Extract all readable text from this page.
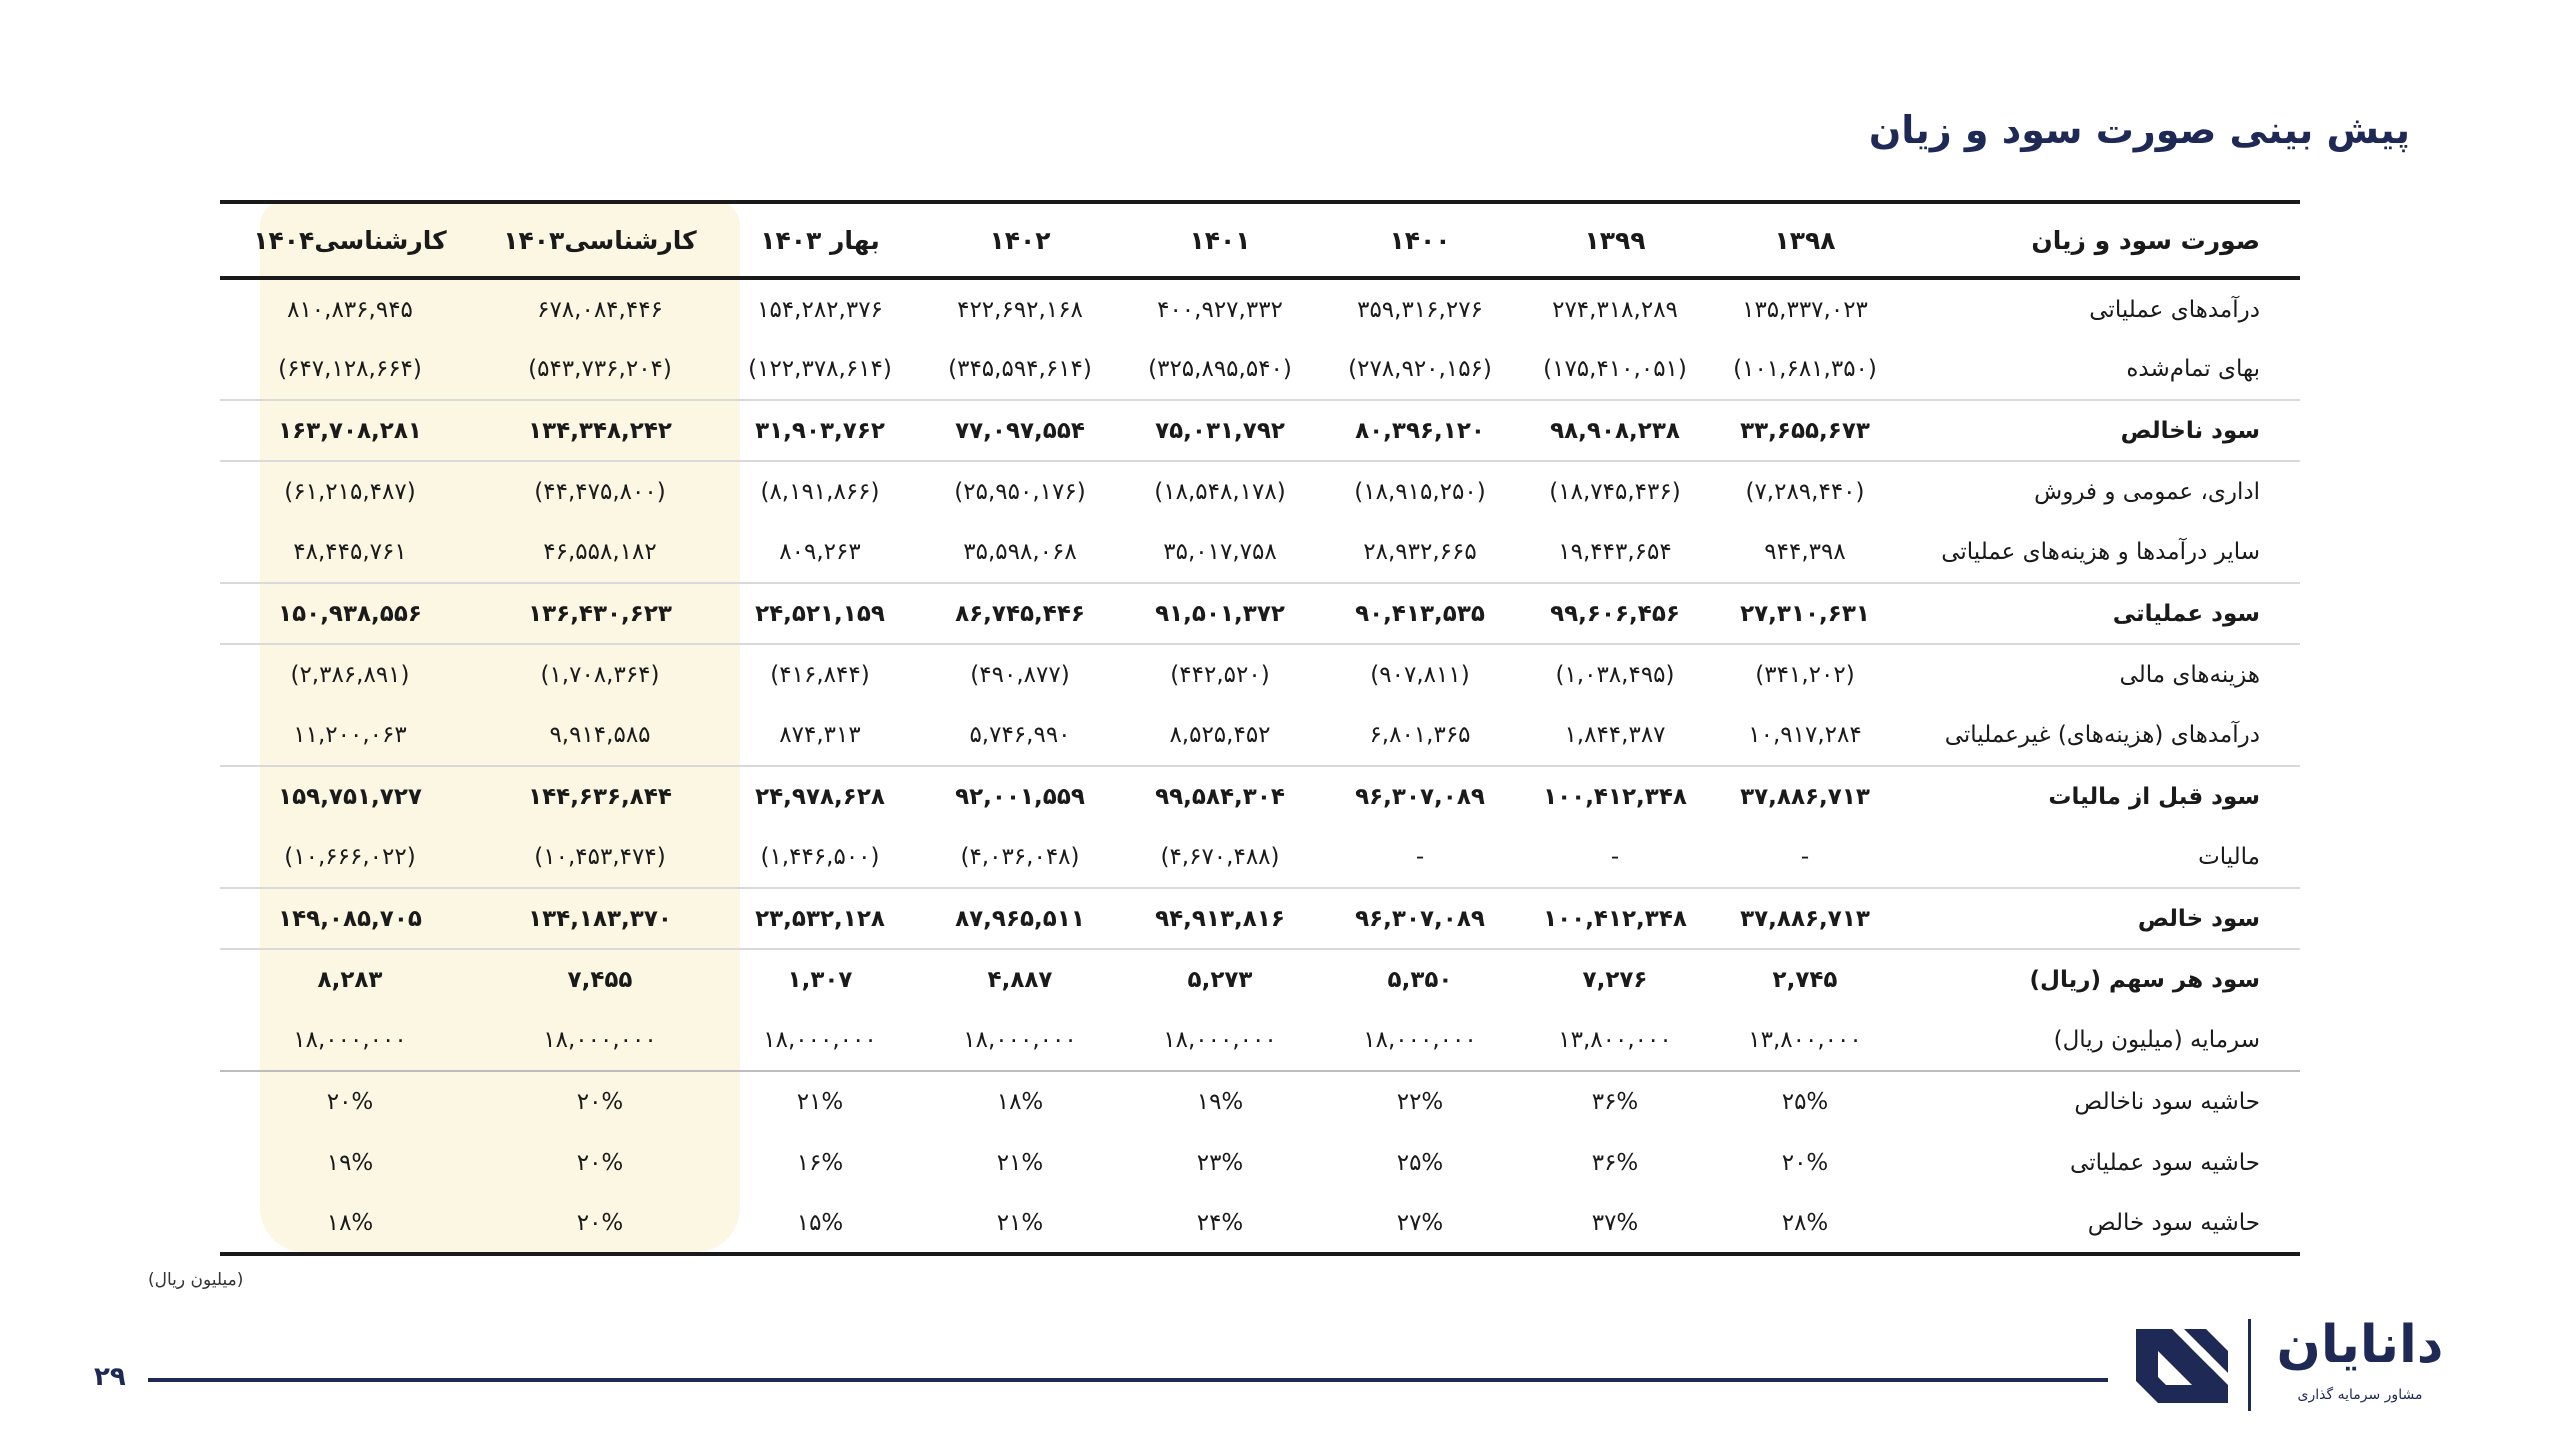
پیش بینی صورت سود و زیان
صورت سود و زیان	۱۳۹۸	۱۳۹۹	۱۴۰۰	۱۴۰۱	۱۴۰۲	بهار ۱۴۰۳	کارشناسی۱۴۰۳	کارشناسی۱۴۰۴
درآمدهای عملیاتی	۱۳۵,۳۳۷,۰۲۳	۲۷۴,۳۱۸,۲۸۹	۳۵۹,۳۱۶,۲۷۶	۴۰۰,۹۲۷,۳۳۲	۴۲۲,۶۹۲,۱۶۸	۱۵۴,۲۸۲,۳۷۶	۶۷۸,۰۸۴,۴۴۶	۸۱۰,۸۳۶,۹۴۵
بهای تمام‌شده	(۱۰۱,۶۸۱,۳۵۰)	(۱۷۵,۴۱۰,۰۵۱)	(۲۷۸,۹۲۰,۱۵۶)	(۳۲۵,۸۹۵,۵۴۰)	(۳۴۵,۵۹۴,۶۱۴)	(۱۲۲,۳۷۸,۶۱۴)	(۵۴۳,۷۳۶,۲۰۴)	(۶۴۷,۱۲۸,۶۶۴)
سود ناخالص	۳۳,۶۵۵,۶۷۳	۹۸,۹۰۸,۲۳۸	۸۰,۳۹۶,۱۲۰	۷۵,۰۳۱,۷۹۲	۷۷,۰۹۷,۵۵۴	۳۱,۹۰۳,۷۶۲	۱۳۴,۳۴۸,۲۴۲	۱۶۳,۷۰۸,۲۸۱
اداری، عمومی و فروش	(۷,۲۸۹,۴۴۰)	(۱۸,۷۴۵,۴۳۶)	(۱۸,۹۱۵,۲۵۰)	(۱۸,۵۴۸,۱۷۸)	(۲۵,۹۵۰,۱۷۶)	(۸,۱۹۱,۸۶۶)	(۴۴,۴۷۵,۸۰۰)	(۶۱,۲۱۵,۴۸۷)
سایر درآمدها و هزینه‌های عملیاتی	۹۴۴,۳۹۸	۱۹,۴۴۳,۶۵۴	۲۸,۹۳۲,۶۶۵	۳۵,۰۱۷,۷۵۸	۳۵,۵۹۸,۰۶۸	۸۰۹,۲۶۳	۴۶,۵۵۸,۱۸۲	۴۸,۴۴۵,۷۶۱
سود عملیاتی	۲۷,۳۱۰,۶۳۱	۹۹,۶۰۶,۴۵۶	۹۰,۴۱۳,۵۳۵	۹۱,۵۰۱,۳۷۲	۸۶,۷۴۵,۴۴۶	۲۴,۵۲۱,۱۵۹	۱۳۶,۴۳۰,۶۲۳	۱۵۰,۹۳۸,۵۵۶
هزینه‌های مالی	(۳۴۱,۲۰۲)	(۱,۰۳۸,۴۹۵)	(۹۰۷,۸۱۱)	(۴۴۲,۵۲۰)	(۴۹۰,۸۷۷)	(۴۱۶,۸۴۴)	(۱,۷۰۸,۳۶۴)	(۲,۳۸۶,۸۹۱)
درآمدهای (هزینه‌های) غیرعملیاتی	۱۰,۹۱۷,۲۸۴	۱,۸۴۴,۳۸۷	۶,۸۰۱,۳۶۵	۸,۵۲۵,۴۵۲	۵,۷۴۶,۹۹۰	۸۷۴,۳۱۳	۹,۹۱۴,۵۸۵	۱۱,۲۰۰,۰۶۳
سود قبل از مالیات	۳۷,۸۸۶,۷۱۳	۱۰۰,۴۱۲,۳۴۸	۹۶,۳۰۷,۰۸۹	۹۹,۵۸۴,۳۰۴	۹۲,۰۰۱,۵۵۹	۲۴,۹۷۸,۶۲۸	۱۴۴,۶۳۶,۸۴۴	۱۵۹,۷۵۱,۷۲۷
مالیات	-	-	-	(۴,۶۷۰,۴۸۸)	(۴,۰۳۶,۰۴۸)	(۱,۴۴۶,۵۰۰)	(۱۰,۴۵۳,۴۷۴)	(۱۰,۶۶۶,۰۲۲)
سود خالص	۳۷,۸۸۶,۷۱۳	۱۰۰,۴۱۲,۳۴۸	۹۶,۳۰۷,۰۸۹	۹۴,۹۱۳,۸۱۶	۸۷,۹۶۵,۵۱۱	۲۳,۵۳۲,۱۲۸	۱۳۴,۱۸۳,۳۷۰	۱۴۹,۰۸۵,۷۰۵
سود هر سهم (ریال)	۲,۷۴۵	۷,۲۷۶	۵,۳۵۰	۵,۲۷۳	۴,۸۸۷	۱,۳۰۷	۷,۴۵۵	۸,۲۸۳
سرمایه (میلیون ریال)	۱۳,۸۰۰,۰۰۰	۱۳,۸۰۰,۰۰۰	۱۸,۰۰۰,۰۰۰	۱۸,۰۰۰,۰۰۰	۱۸,۰۰۰,۰۰۰	۱۸,۰۰۰,۰۰۰	۱۸,۰۰۰,۰۰۰	۱۸,۰۰۰,۰۰۰
حاشیه سود ناخالص	۲۵%	۳۶%	۲۲%	۱۹%	۱۸%	۲۱%	۲۰%	۲۰%
حاشیه سود عملیاتی	۲۰%	۳۶%	۲۵%	۲۳%	۲۱%	۱۶%	۲۰%	۱۹%
حاشیه سود خالص	۲۸%	۳۷%	۲۷%	۲۴%	۲۱%	۱۵%	۲۰%	۱۸%
(میلیون ریال)
۲۹
دانایان
مشاور سرمایه گذاری
